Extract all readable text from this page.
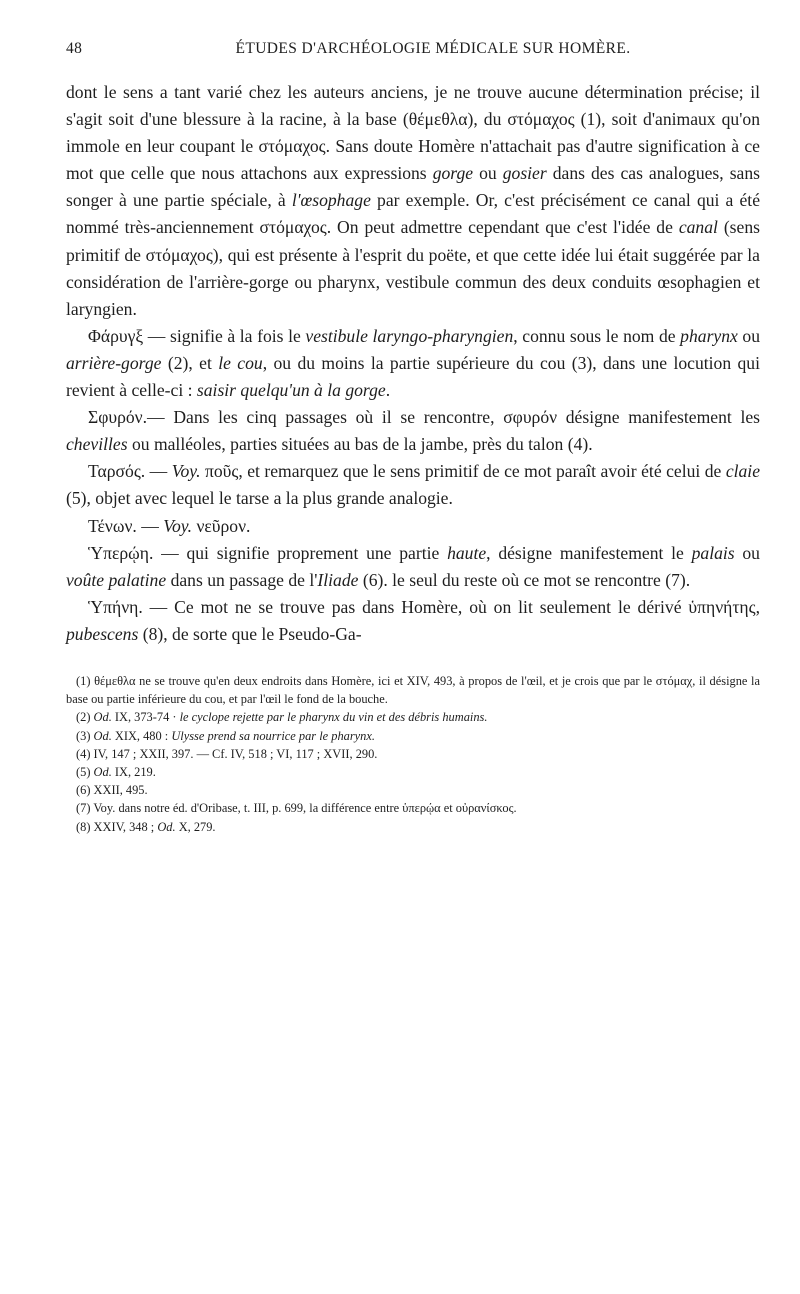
48	ÉTUDES D'ARCHÉOLOGIE MÉDICALE SUR HOMÈRE.

dont le sens a tant varié chez les auteurs anciens, je ne trouve aucune détermination précise; il s'agit soit d'une blessure à la racine, à la base (θέμεθλα), du στόμαχος (1), soit d'animaux qu'on immole en leur coupant le στόμαχος. Sans doute Homère n'attachait pas d'autre signification à ce mot que celle que nous attachons aux expressions gorge ou gosier dans des cas analogues, sans songer à une partie spéciale, à l'œsophage par exemple. Or, c'est précisément ce canal qui a été nommé très-anciennement στόμαχος. On peut admettre cependant que c'est l'idée de canal (sens primitif de στόμαχος), qui est présente à l'esprit du poëte, et que cette idée lui était suggérée par la considération de l'arrière-gorge ou pharynx, vestibule commun des deux conduits œsophagien et laryngien.

Φάρυγξ — signifie à la fois le vestibule laryngo-pharyngien, connu sous le nom de pharynx ou arrière-gorge (2), et le cou, ou du moins la partie supérieure du cou (3), dans une locution qui revient à celle-ci : saisir quelqu'un à la gorge.

Σφυρόν.— Dans les cinq passages où il se rencontre, σφυρόν désigne manifestement les chevilles ou malléoles, parties situées au bas de la jambe, près du talon (4).

Ταρσός. — Voy. ποῦς, et remarquez que le sens primitif de ce mot paraît avoir été celui de claie (5), objet avec lequel le tarse a la plus grande analogie.

Τένων. — Voy. νεῦρον.

Ὑπερῴη. — qui signifie proprement une partie haute, désigne manifestement le palais ou voûte palatine dans un passage de l'Iliade (6). le seul du reste où ce mot se rencontre (7).

Ὑπήνη. — Ce mot ne se trouve pas dans Homère, où on lit seulement le dérivé ὑπηνήτης, pubescens (8), de sorte que le Pseudo-Ga-

(1) θέμεθλα ne se trouve qu'en deux endroits dans Homère, ici et XIV, 493, à propos de l'œil, et je crois que par le στόμαχ, il désigne la base ou partie inférieure du cou, et par l'œil le fond de la bouche.

(2) Od. IX, 373-74 · le cyclope rejette par le pharynx du vin et des débris humains.

(3) Od. XIX, 480 : Ulysse prend sa nourrice par le pharynx.

(4) IV, 147 ; XXII, 397. — Cf. IV, 518 ; VI, 117 ; XVII, 290.

(5) Od. IX, 219.

(6) XXII, 495.

(7) Voy. dans notre éd. d'Oribase, t. III, p. 699, la différence entre ὑπερῴα et οὐρανίσκος.

(8) XXIV, 348 ; Od. X, 279.
